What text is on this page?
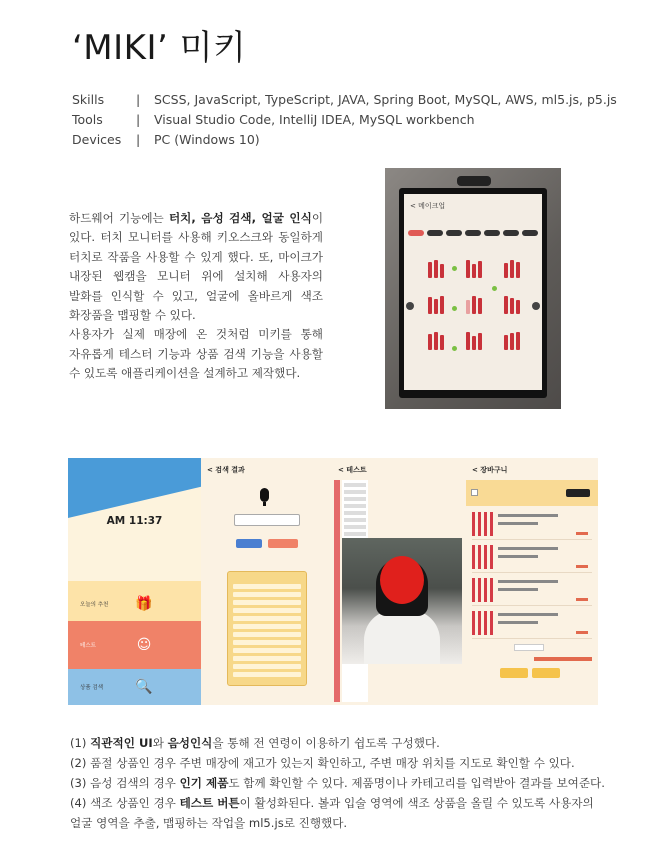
‘MIKI’ 미키
Skills	|	SCSS, JavaScript, TypeScript, JAVA, Spring Boot, MySQL, AWS, ml5.js, p5.js
Tools	|	Visual Studio Code, IntelliJ IDEA, MySQL workbench
Devices	|	PC (Windows 10)

하드웨어 기능에는 터치, 음성 검색, 얼굴 인식이 있다. 터치 모니터를 사용해 키오스크와 동일하게 터치로 작품을 사용할 수 있게 했다. 또, 마이크가 내장된 웹캠을 모니터 위에 설치해 사용자의 발화를 인식할 수 있고, 얼굴에 올바르게 색조 화장품을 맵핑할 수 있다.

사용자가 실제 매장에 온 것처럼 미키를 통해 자유롭게 테스터 기능과 상품 검색 기능을 사용할 수 있도록 애플리케이션을 설계하고 제작했다.

< 메이크업
AM 11:37
오늘의 추천	🎁
테스트	☺
상품 검색	🔍
< 검색 결과	< 테스트	< 장바구니

(1) 직관적인 UI와 음성인식을 통해 전 연령이 이용하기 쉽도록 구성했다.

(2) 품절 상품인 경우 주변 매장에 재고가 있는지 확인하고, 주변 매장 위치를 지도로 확인할 수 있다.

(3) 음성 검색의 경우 인기 제품도 함께 확인할 수 있다. 제품명이나 카테고리를 입력받아 결과를 보여준다.

(4) 색조 상품인 경우 테스트 버튼이 활성화된다. 볼과 입술 영역에 색조 상품을 올릴 수 있도록 사용자의 얼굴 영역을 추출, 맵핑하는 작업을 ml5.js로 진행했다.
